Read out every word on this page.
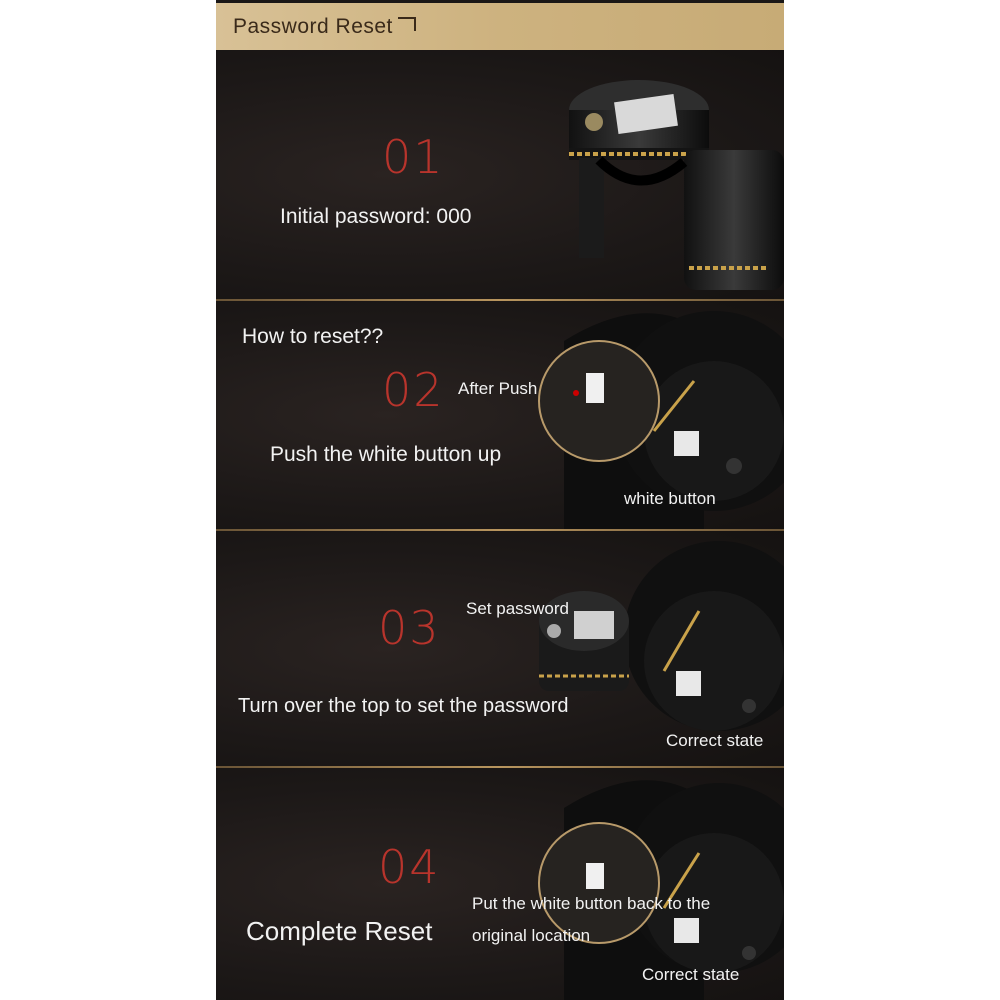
Password Reset
01
Initial password: 000
How to reset??
02
Push the white button up
After Push
white button
03
Turn over the top to set the password
Set password
Correct state
04
Complete Reset
Put the white button back to the
original location
Correct state
